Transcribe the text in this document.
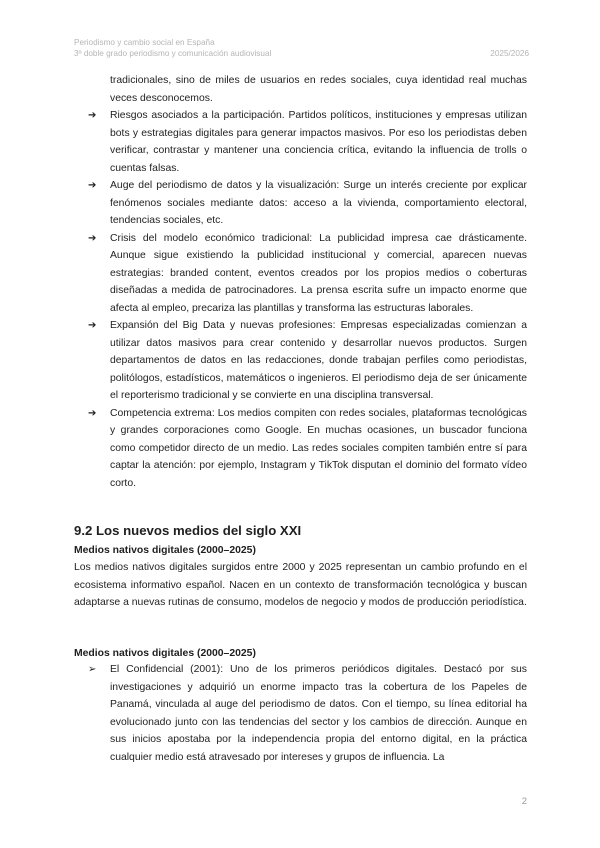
Periodismo y cambio social en España
3º doble grado periodismo y comunicación audiovisual	2025/2026
tradicionales, sino de miles de usuarios en redes sociales, cuya identidad real muchas veces desconocemos.
➔ Riesgos asociados a la participación. Partidos políticos, instituciones y empresas utilizan bots y estrategias digitales para generar impactos masivos. Por eso los periodistas deben verificar, contrastar y mantener una conciencia crítica, evitando la influencia de trolls o cuentas falsas.
➔ Auge del periodismo de datos y la visualización: Surge un interés creciente por explicar fenómenos sociales mediante datos: acceso a la vivienda, comportamiento electoral, tendencias sociales, etc.
➔ Crisis del modelo económico tradicional: La publicidad impresa cae drásticamente. Aunque sigue existiendo la publicidad institucional y comercial, aparecen nuevas estrategias: branded content, eventos creados por los propios medios o coberturas diseñadas a medida de patrocinadores. La prensa escrita sufre un impacto enorme que afecta al empleo, precariza las plantillas y transforma las estructuras laborales.
➔ Expansión del Big Data y nuevas profesiones: Empresas especializadas comienzan a utilizar datos masivos para crear contenido y desarrollar nuevos productos. Surgen departamentos de datos en las redacciones, donde trabajan perfiles como periodistas, politólogos, estadísticos, matemáticos o ingenieros. El periodismo deja de ser únicamente el reporterismo tradicional y se convierte en una disciplina transversal.
➔ Competencia extrema: Los medios compiten con redes sociales, plataformas tecnológicas y grandes corporaciones como Google. En muchas ocasiones, un buscador funciona como competidor directo de un medio. Las redes sociales compiten también entre sí para captar la atención: por ejemplo, Instagram y TikTok disputan el dominio del formato vídeo corto.
9.2 Los nuevos medios del siglo XXI
Medios nativos digitales (2000–2025)

Los medios nativos digitales surgidos entre 2000 y 2025 representan un cambio profundo en el ecosistema informativo español. Nacen en un contexto de transformación tecnológica y buscan adaptarse a nuevas rutinas de consumo, modelos de negocio y modos de producción periodística.

Medios nativos digitales (2000–2025)
➢ El Confidencial (2001): Uno de los primeros periódicos digitales. Destacó por sus investigaciones y adquirió un enorme impacto tras la cobertura de los Papeles de Panamá, vinculada al auge del periodismo de datos. Con el tiempo, su línea editorial ha evolucionado junto con las tendencias del sector y los cambios de dirección. Aunque en sus inicios apostaba por la independencia propia del entorno digital, en la práctica cualquier medio está atravesado por intereses y grupos de influencia. La
2
